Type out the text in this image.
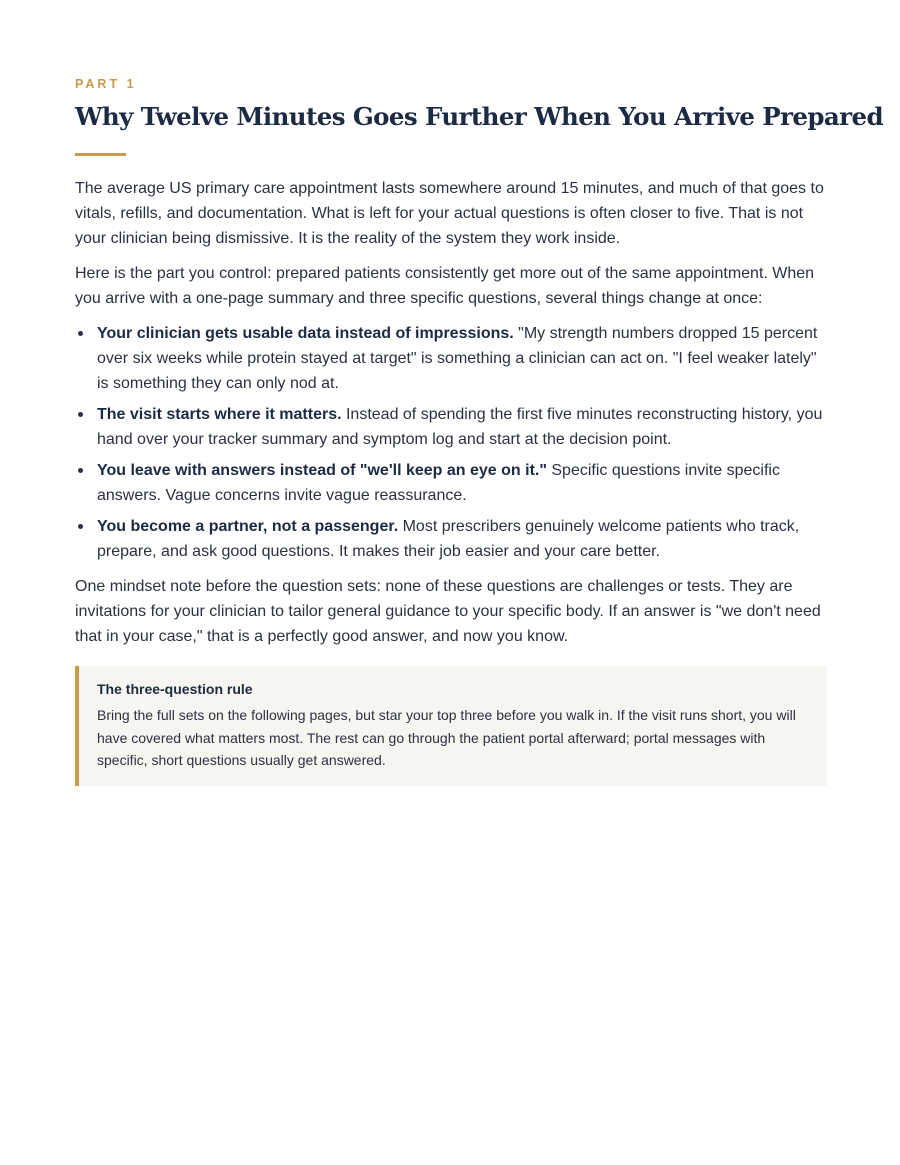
PART 1
Why Twelve Minutes Goes Further When You Arrive Prepared

The average US primary care appointment lasts somewhere around 15 minutes, and much of that goes to vitals, refills, and documentation. What is left for your actual questions is often closer to five. That is not your clinician being dismissive. It is the reality of the system they work inside.

Here is the part you control: prepared patients consistently get more out of the same appointment. When you arrive with a one-page summary and three specific questions, several things change at once:

Your clinician gets usable data instead of impressions. "My strength numbers dropped 15 percent over six weeks while protein stayed at target" is something a clinician can act on. "I feel weaker lately" is something they can only nod at.
The visit starts where it matters. Instead of spending the first five minutes reconstructing history, you hand over your tracker summary and symptom log and start at the decision point.
You leave with answers instead of "we'll keep an eye on it." Specific questions invite specific answers. Vague concerns invite vague reassurance.
You become a partner, not a passenger. Most prescribers genuinely welcome patients who track, prepare, and ask good questions. It makes their job easier and your care better.

One mindset note before the question sets: none of these questions are challenges or tests. They are invitations for your clinician to tailor general guidance to your specific body. If an answer is "we don't need that in your case," that is a perfectly good answer, and now you know.

The three-question rule
Bring the full sets on the following pages, but star your top three before you walk in. If the visit runs short, you will have covered what matters most. The rest can go through the patient portal afterward; portal messages with specific, short questions usually get answered.
